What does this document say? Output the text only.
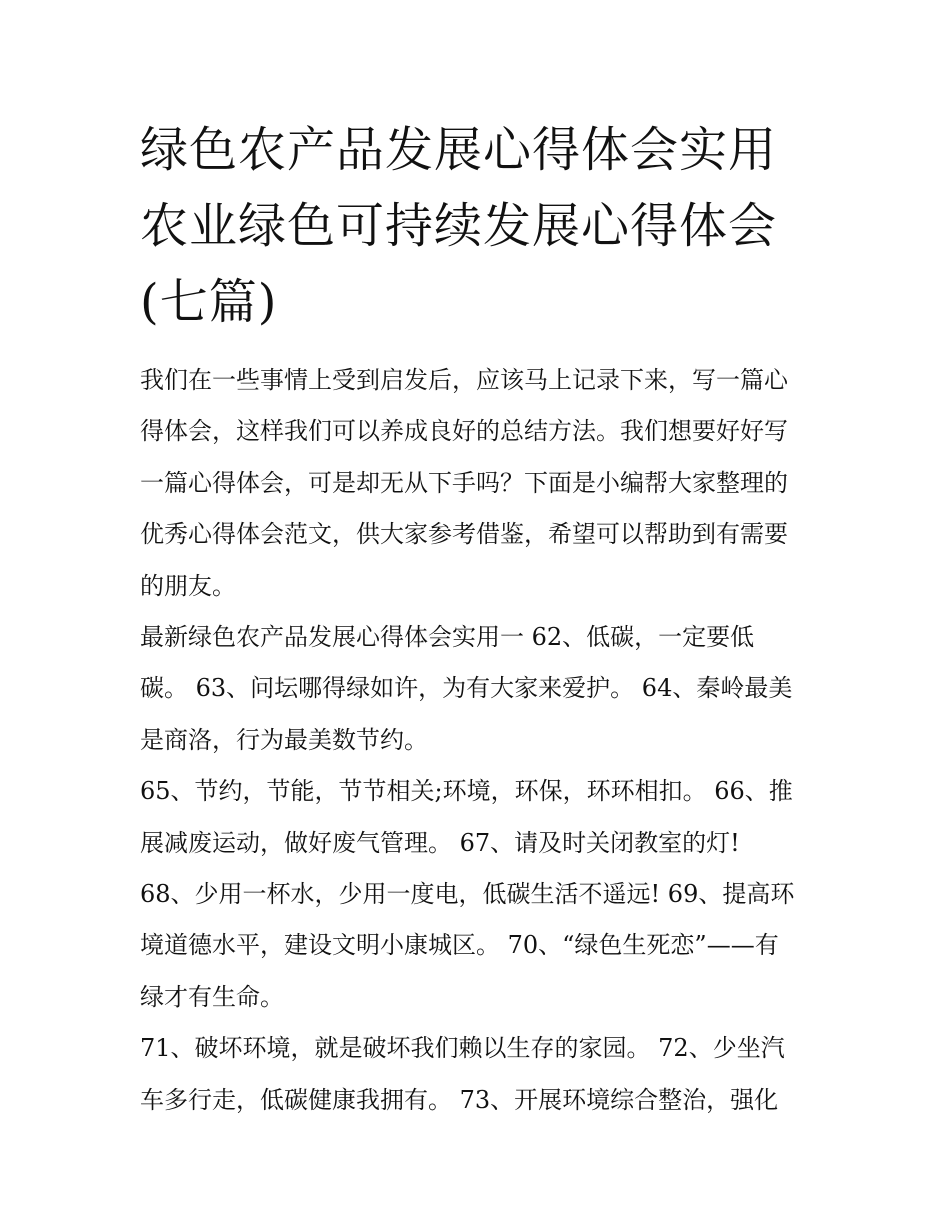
绿色农产品发展心得体会实用
农业绿色可持续发展心得体会
(七篇)

我们在一些事情上受到启发后，应该马上记录下来，写一篇心
得体会，这样我们可以养成良好的总结方法。我们想要好好写
一篇心得体会，可是却无从下手吗？下面是小编帮大家整理的
优秀心得体会范文，供大家参考借鉴，希望可以帮助到有需要
的朋友。

最新绿色农产品发展心得体会实用一 62、低碳，一定要低
碳。 63、问坛哪得绿如许，为有大家来爱护。 64、秦岭最美
是商洛，行为最美数节约。

65、节约，节能，节节相关;环境，环保，环环相扣。 66、推
展减废运动，做好废气管理。 67、请及时关闭教室的灯!

68、少用一杯水，少用一度电，低碳生活不遥远! 69、提高环
境道德水平，建设文明小康城区。 70、“绿色生死恋”——有
绿才有生命。

71、破坏环境，就是破坏我们赖以生存的家园。 72、少坐汽
车多行走，低碳健康我拥有。 73、开展环境综合整治，强化
